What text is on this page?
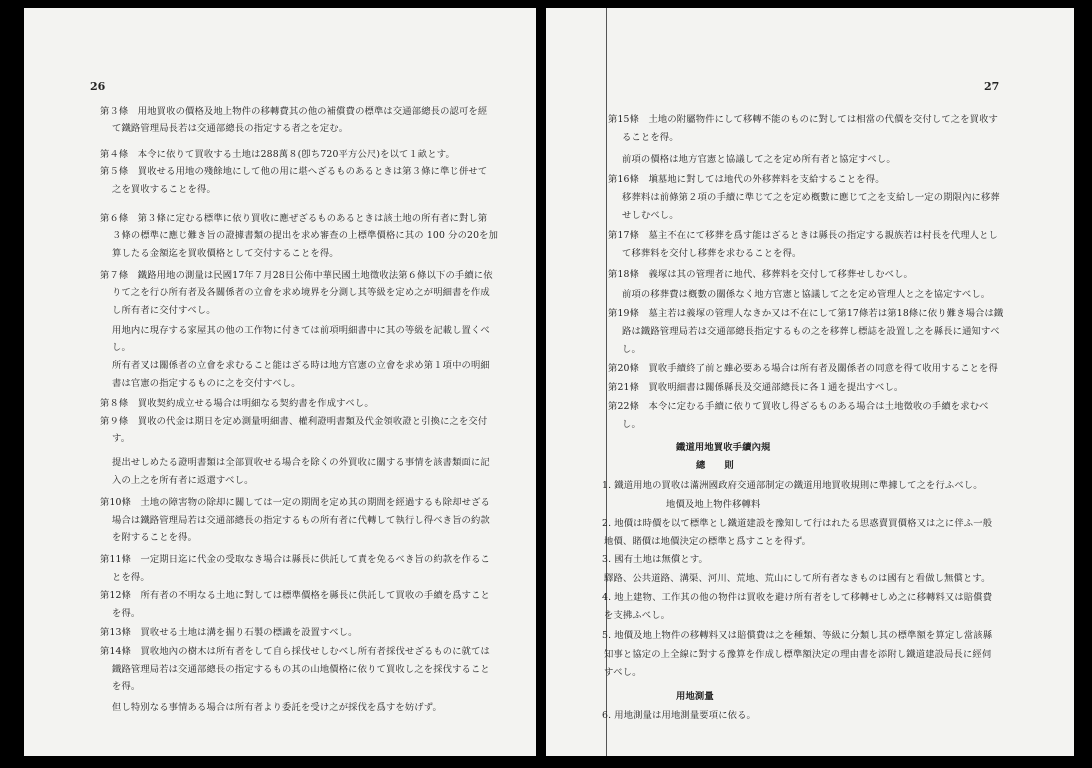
26
第３條　用地買收の價格及地上物件の移轉費其の他の補償費の標準は交通部總長の認可を經
て鐵路管理局長若は交通部總長の指定する者之を定む。
第４條　本令に依りて買收する土地は288萬８(卽ち720平方公尺)を以て１畝とす。
第５條　買收せる用地の殘餘地にして他の用に堪へざるものあるときは第３條に準じ併せて
之を買收することを得。
第６條　第３條に定むる標準に依り買收に應ぜざるものあるときは該土地の所有者に對し第
３條の標準に應じ難き旨の證據書類の提出を求め審查の上標準價格に其の 100 分の20を加
算したる金額迄を買收價格として交付することを得。
第７條　鐵路用地の測量は民國17年７月28日公佈中華民國土地徵收法第６條以下の手續に依
りて之を行ひ所有者及各關係者の立會を求め境界を分測し其等級を定め之が明細書を作成
し所有者に交付すべし。
用地内に現存する家屋其の他の工作物に付きては前項明細書中に其の等級を記載し置くべ
し。
所有者叉は關係者の立會を求むること能はざる時は地方官憲の立會を求め第１項中の明細
書は官憲の指定するものに之を交付すべし。
第８條　買收契約成立せる場合は明細なる契約書を作成すべし。
第９條　買收の代金は期日を定め測量明細書、權利證明書類及代金領收證と引換に之を交付
す。
提出せしめたる證明書類は全部買收せる場合を除くの外買收に關する事情を該書類面に記
入の上之を所有者に返還すべし。
第10條　土地の障害物の除却に關しては一定の期間を定め其の期間を經過するも除却せざる
場合は鐵路管理局若は交通部總長の指定するもの所有者に代轉して執行し得べき旨の約款
を附することを得。
第11條　一定期日迄に代金の受取なき場合は縣長に供託して責を免るべき旨の約款を作るこ
とを得。
第12條　所有者の不明なる土地に對しては標準價格を縣長に供託して買收の手續を爲すこと
を得。
第13條　買收せる土地は溝を掘り石製の標識を設置すべし。
第14條　買收地內の樹木は所有者をして自ら採伐せしむべし所有者採伐せざるものに就ては
鐵路管理局若は交通部總長の指定するもの其の山地價格に依りて買收し之を採伐すること
を得。
但し特別なる事情ある場合は所有者より委託を受け之が採伐を爲すを妨げず。
27
第15條　土地の附屬物件にして移轉不能のものに對しては相當の代價を交付して之を買收す
ることを得。
前項の價格は地方官憲と協議して之を定め所有者と協定すべし。
第16條　塡墓地に對しては地代の外移葬料を支給することを得。
移葬料は前條第２項の手續に準じて之を定め槪數に應じて之を支給し一定の期限內に移葬
せしむべし。
第17條　墓主不在にて移葬を爲す能はざるときは縣長の指定する親族若は村長を代理人とし
て移葬料を交付し移葬を求むることを得。
第18條　義塚は其の管理者に地代、移葬料を交付して移葬せしむべし。
前項の移葬費は槪數の關係なく地方官憲と協議して之を定め管理人と之を協定すべし。
第19條　墓主若は義塚の管理人なきか又は不在にして第17條若は第18條に依り難き場合は鐵
路は鐵路管理局若は交通部總長指定するもの之を移葬し標誌を設置し之を縣長に通知すべ
し。
第20條　買收手續終了前と雖必要ある場合は所有者及關係者の同意を得て收用することを得
第21條　買收明細書は關係縣長及交通部總長に各１通を提出すべし。
第22條　本令に定むる手續に依りて買收し得ざるものある場合は土地徵收の手續を求むべ
し。
鐵道用地買收手續內規
總　　則
1. 鐵道用地の買收は滿洲國政府交通部制定の鐵道用地買收規則に準據して之を行ふべし。
地價及地上物件移轉料
2. 地價は時價を以て標準とし鐵道建設を豫知して行はれたる思惑賣買價格又は之に伴ふ一般
地價、賭價は地價決定の標準と爲すことを得ず。
3. 國有土地は無償とす。
驛路、公共道路、溝渠、河川、荒地、荒山にして所有者なきものは國有と看做し無償とす。
4. 地上建物、工作其の他の物件は買收を避け所有者をして移轉せしめ之に移轉料又は賠償費
を支拂ふべし。
5. 地價及地上物件の移轉料又は賠償費は之を種類、等級に分類し其の標準額を算定し當該縣
知事と協定の上全線に對する豫算を作成し標準額決定の理由書を添附し鐵道建設局長に經伺
すべし。
用地測量
6. 用地測量は用地測量要項に依る。
